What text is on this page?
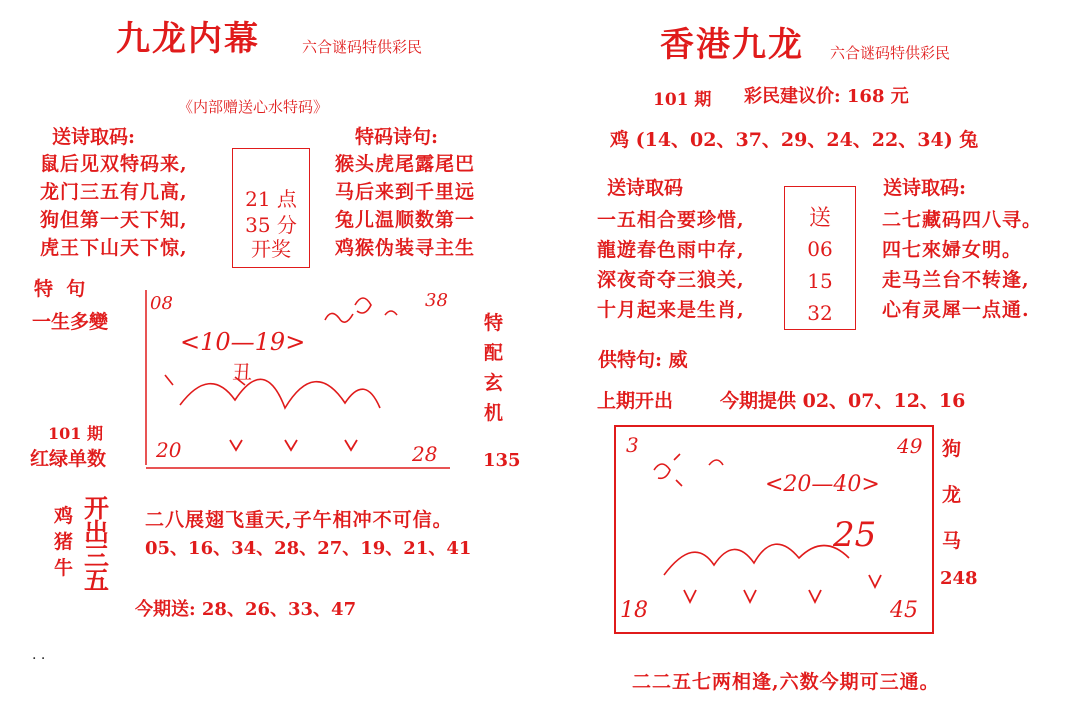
九龙内幕	六合谜码特供彩民
《内部赠送心水特码》
送诗取码:
鼠后见双特码来,
龙门三五有几高,
狗但第一天下知,
虎王下山天下惊,
21 点
35 分
开奖
特码诗句:
猴头虎尾露尾巴
马后来到千里远
兔儿温顺数第一
鸡猴伪装寻主生
特  句
一生多變
08	38
<10—19>
丑
20	28
特
配
玄
机
101 期
红绿单数	135
鸡
猪
牛
开
出
三
五
二八展翅飞重天,子午相冲不可信。
05、16、34、28、27、19、21、41
今期送: 28、26、33、47
. .
香港九龙 六合谜码特供彩民
101 期 彩民建议价: 168 元
鸡 (14、02、37、29、24、22、34) 兔
送诗取码
一五相合要珍惜,
龍遊春色雨中存,
深夜奇夺三狼关,
十月起来是生肖,
送
06
15
32
送诗取码:
二七藏码四八寻。
四七來婦女明。
走马兰台不转逢,
心有灵犀一点通.
供特句: 威
上期开出 今期提供 02、07、12、16
3	49
<20—40>
25
18	45
狗
龙
马
248
二二五七两相逢,六数今期可三通。
